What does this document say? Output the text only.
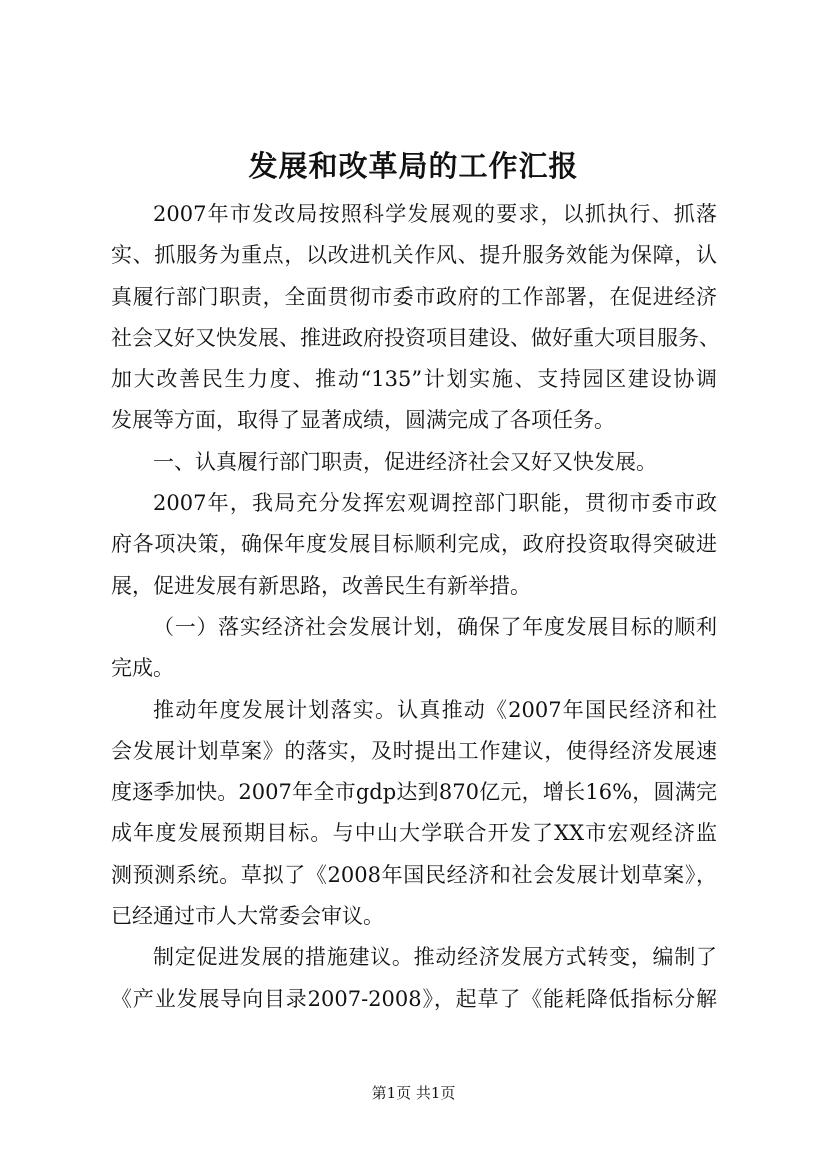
发展和改革局的工作汇报
2007年市发改局按照科学发展观的要求，以抓执行、抓落
实、抓服务为重点，以改进机关作风、提升服务效能为保障，认
真履行部门职责，全面贯彻市委市政府的工作部署，在促进经济
社会又好又快发展、推进政府投资项目建设、做好重大项目服务、
加大改善民生力度、推动“135”计划实施、支持园区建设协调
发展等方面，取得了显著成绩，圆满完成了各项任务。
一、认真履行部门职责，促进经济社会又好又快发展。
2007年，我局充分发挥宏观调控部门职能，贯彻市委市政
府各项决策，确保年度发展目标顺利完成，政府投资取得突破进
展，促进发展有新思路，改善民生有新举措。
（一）落实经济社会发展计划，确保了年度发展目标的顺利
完成。
推动年度发展计划落实。认真推动《2007年国民经济和社
会发展计划草案》的落实，及时提出工作建议，使得经济发展速
度逐季加快。2007年全市gdp达到870亿元，增长16%，圆满完
成年度发展预期目标。与中山大学联合开发了XX市宏观经济监
测预测系统。草拟了《2008年国民经济和社会发展计划草案》，
已经通过市人大常委会审议。
制定促进发展的措施建议。推动经济发展方式转变，编制了
《产业发展导向目录2007-2008》，起草了《能耗降低指标分解
第1页 共1页
